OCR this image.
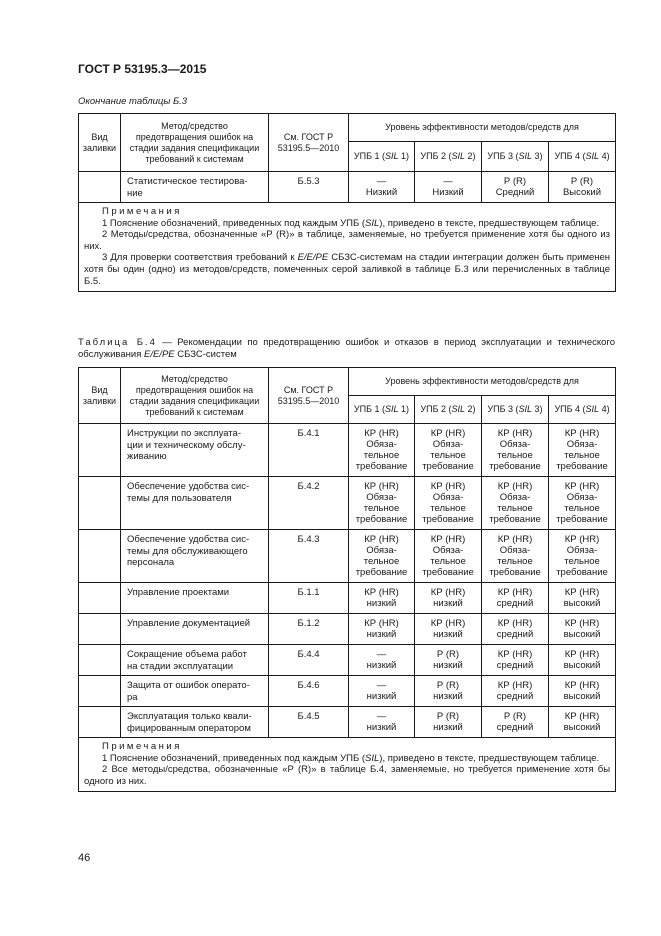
ГОСТ Р 53195.3—2015
Окончание таблицы Б.3
Вид
заливки	Метод/средство
предотвращения ошибок на
стадии задания спецификации
требований к системам	См. ГОСТ Р
53195.5—2010	Уровень эффективности методов/средств для			
			УПБ 1 (SIL 1)	УПБ 2 (SIL 2)	УПБ 3 (SIL 3)	УПБ 4 (SIL 4)
	Статистическое тестирова-
ние	Б.5.3	—
Низкий	—
Низкий	Р (R)
Средний	Р (R)
Высокий

Примечания
1 Пояснение обозначений, приведенных под каждым УПБ (SIL), приведено в тексте, предшествующем таблице.
2 Методы/средства, обозначенные «Р (R)» в таблице, заменяемые, но требуется применение хотя бы одного из них.
3 Для проверки соответствия требований к Е/Е/РЕ СБЗС-системам на стадии интеграции должен быть применен хотя бы один (одно) из методов/средств, помеченных серой заливкой в таблице Б.3 или перечисленных в таблице Б.5.						
Таблица Б.4 — Рекомендации по предотвращению ошибок и отказов в период эксплуатации и технического обслуживания Е/Е/РЕ СБЗС-систем
Вид
заливки	Метод/средство
предотвращения ошибок на
стадии задания спецификации
требований к системам	См. ГОСТ Р
53195.5—2010	Уровень эффективности методов/средств для			
			УПБ 1 (SIL 1)	УПБ 2 (SIL 2)	УПБ 3 (SIL 3)	УПБ 4 (SIL 4)
	Инструкции по эксплуата-
ции и техническому обслу-
живанию	Б.4.1	КР (HR)
Обяза-
тельное
требование	КР (HR)
Обяза-
тельное
требование	КР (HR)
Обяза-
тельное
требование	КР (HR)
Обяза-
тельное
требование
	Обеспечение удобства сис-
темы для пользователя	Б.4.2	КР (HR)
Обяза-
тельное
требование	КР (HR)
Обяза-
тельное
требование	КР (HR)
Обяза-
тельное
требование	КР (HR)
Обяза-
тельное
требование
	Обеспечение удобства сис-
темы для обслуживающего
персонала	Б.4.3	КР (HR)
Обяза-
тельное
требование	КР (HR)
Обяза-
тельное
требование	КР (HR)
Обяза-
тельное
требование	КР (HR)
Обяза-
тельное
требование
	Управление проектами	Б.1.1	КР (HR)
низкий	КР (HR)
низкий	КР (HR)
средний	КР (HR)
высокий
	Управление документацией	Б.1.2	КР (HR)
низкий	КР (HR)
низкий	КР (HR)
средний	КР (HR)
высокий
	Сокращение объема работ
на стадии эксплуатации	Б.4.4	—
низкий	Р (R)
низкий	КР (HR)
средний	КР (HR)
высокий
	Защита от ошибок операто-
ра	Б.4.6	—
низкий	Р (R)
низкий	КР (HR)
средний	КР (HR)
высокий
	Эксплуатация только квали-
фицированным оператором	Б.4.5	—
низкий	Р (R)
низкий	Р (R)
средний	КР (HR)
высокий

Примечания
1 Пояснение обозначений, приведенных под каждым УПБ (SIL), приведено в тексте, предшествующем таблице.
2 Все методы/средства, обозначенные «Р (R)» в таблице Б.4, заменяемые, но требуется применение хотя бы одного из них.						
46
